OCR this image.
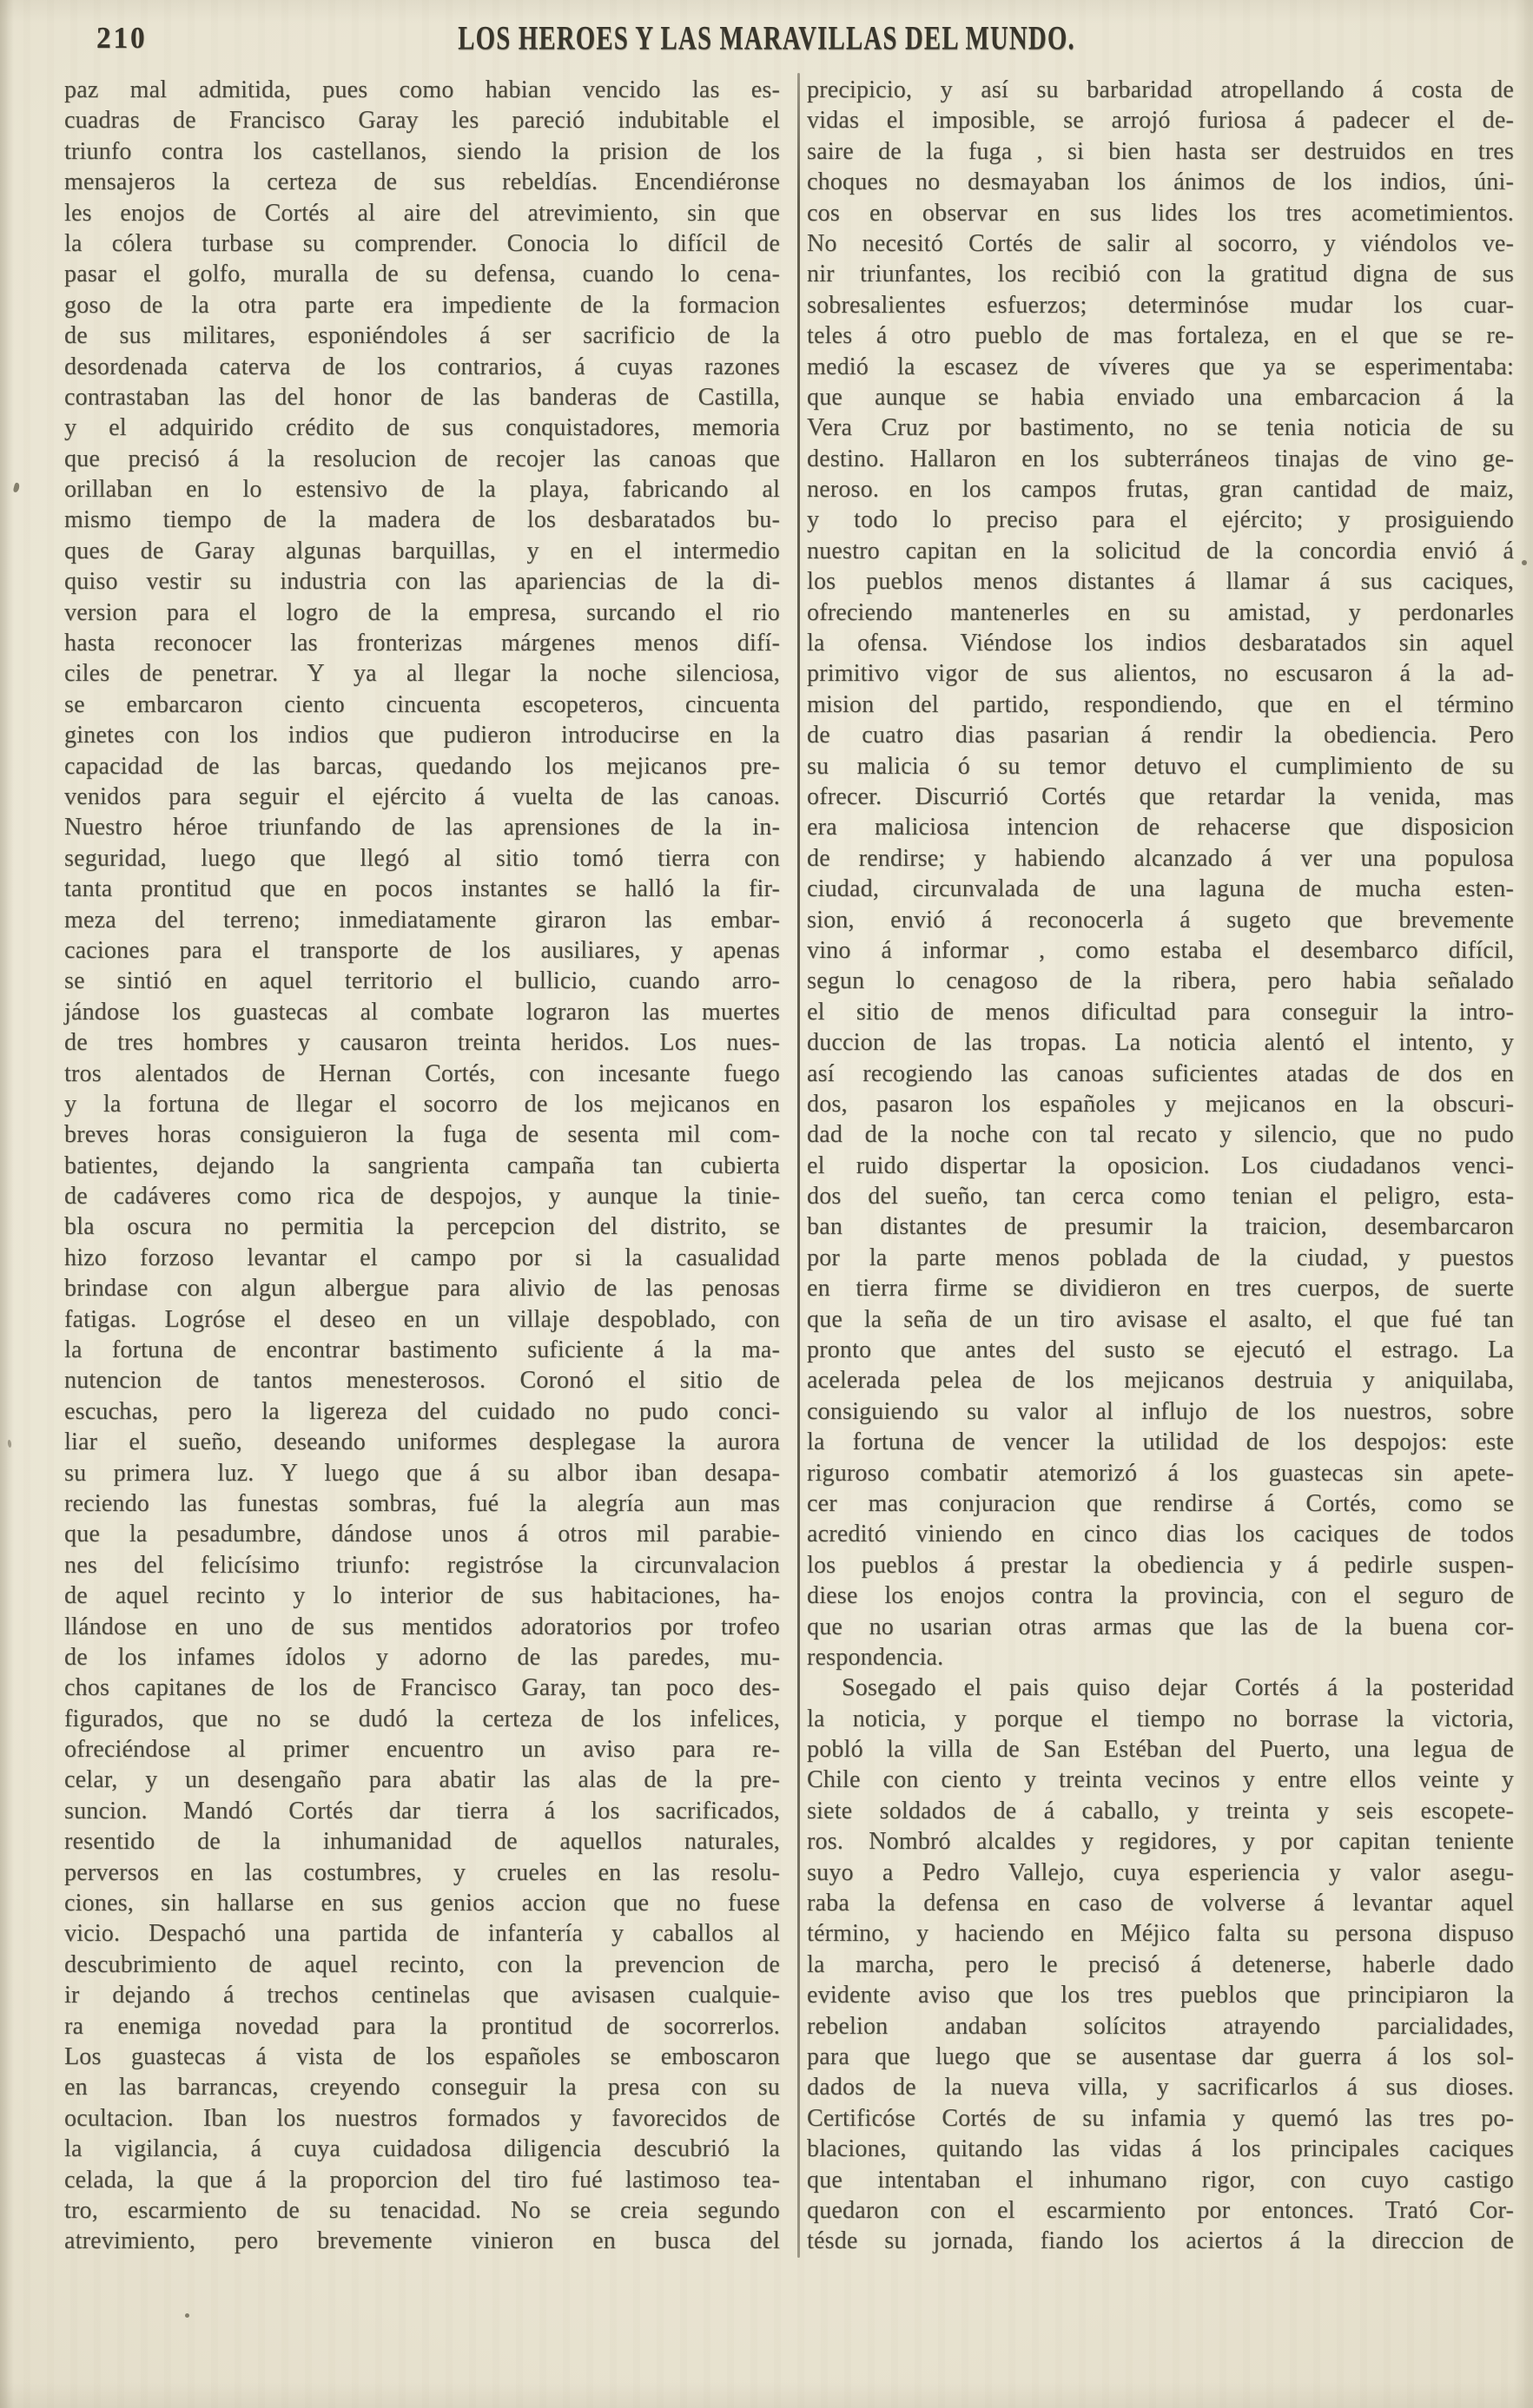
210	LOS HEROES Y LAS MARAVILLAS DEL MUNDO.
paz mal admitida, pues como habian vencido las es-
cuadras de Francisco Garay les pareció indubitable el
triunfo contra los castellanos, siendo la prision de los
mensajeros la certeza de sus rebeldías. Encendiéronse
les enojos de Cortés al aire del atrevimiento, sin que
la cólera turbase su comprender. Conocia lo difícil de
pasar el golfo, muralla de su defensa, cuando lo cena-
goso de la otra parte era impediente de la formacion
de sus militares, esponiéndoles á ser sacrificio de la
desordenada caterva de los contrarios, á cuyas razones
contrastaban las del honor de las banderas de Castilla,
y el adquirido crédito de sus conquistadores, memoria
que precisó á la resolucion de recojer las canoas que
orillaban en lo estensivo de la playa, fabricando al
mismo tiempo de la madera de los desbaratados bu-
ques de Garay algunas barquillas, y en el intermedio
quiso vestir su industria con las apariencias de la di-
version para el logro de la empresa, surcando el rio
hasta reconocer las fronterizas márgenes menos difí-
ciles de penetrar. Y ya al llegar la noche silenciosa,
se embarcaron ciento cincuenta escopeteros, cincuenta
ginetes con los indios que pudieron introducirse en la
capacidad de las barcas, quedando los mejicanos pre-
venidos para seguir el ejército á vuelta de las canoas.
Nuestro héroe triunfando de las aprensiones de la in-
seguridad, luego que llegó al sitio tomó tierra con
tanta prontitud que en pocos instantes se halló la fir-
meza del terreno; inmediatamente giraron las embar-
caciones para el transporte de los ausiliares, y apenas
se sintió en aquel territorio el bullicio, cuando arro-
jándose los guastecas al combate lograron las muertes
de tres hombres y causaron treinta heridos. Los nues-
tros alentados de Hernan Cortés, con incesante fuego
y la fortuna de llegar el socorro de los mejicanos en
breves horas consiguieron la fuga de sesenta mil com-
batientes, dejando la sangrienta campaña tan cubierta
de cadáveres como rica de despojos, y aunque la tinie-
bla oscura no permitia la percepcion del distrito, se
hizo forzoso levantar el campo por si la casualidad
brindase con algun albergue para alivio de las penosas
fatigas. Logróse el deseo en un villaje despoblado, con
la fortuna de encontrar bastimento suficiente á la ma-
nutencion de tantos menesterosos. Coronó el sitio de
escuchas, pero la ligereza del cuidado no pudo conci-
liar el sueño, deseando uniformes desplegase la aurora
su primera luz. Y luego que á su albor iban desapa-
reciendo las funestas sombras, fué la alegría aun mas
que la pesadumbre, dándose unos á otros mil parabie-
nes del felicísimo triunfo: registróse la circunvalacion
de aquel recinto y lo interior de sus habitaciones, ha-
llándose en uno de sus mentidos adoratorios por trofeo
de los infames ídolos y adorno de las paredes, mu-
chos capitanes de los de Francisco Garay, tan poco des-
figurados, que no se dudó la certeza de los infelices,
ofreciéndose al primer encuentro un aviso para re-
celar, y un desengaño para abatir las alas de la pre-
suncion. Mandó Cortés dar tierra á los sacrificados,
resentido de la inhumanidad de aquellos naturales,
perversos en las costumbres, y crueles en las resolu-
ciones, sin hallarse en sus genios accion que no fuese
vicio. Despachó una partida de infantería y caballos al
descubrimiento de aquel recinto, con la prevencion de
ir dejando á trechos centinelas que avisasen cualquie-
ra enemiga novedad para la prontitud de socorrerlos.
Los guastecas á vista de los españoles se emboscaron
en las barrancas, creyendo conseguir la presa con su
ocultacion. Iban los nuestros formados y favorecidos de
la vigilancia, á cuya cuidadosa diligencia descubrió la
celada, la que á la proporcion del tiro fué lastimoso tea-
tro, escarmiento de su tenacidad. No se creia segundo
atrevimiento, pero brevemente vinieron en busca del
precipicio, y así su barbaridad atropellando á costa de
vidas el imposible, se arrojó furiosa á padecer el de-
saire de la fuga , si bien hasta ser destruidos en tres
choques no desmayaban los ánimos de los indios, úni-
cos en observar en sus lides los tres acometimientos.
No necesitó Cortés de salir al socorro, y viéndolos ve-
nir triunfantes, los recibió con la gratitud digna de sus
sobresalientes esfuerzos; determinóse mudar los cuar-
teles á otro pueblo de mas fortaleza, en el que se re-
medió la escasez de víveres que ya se esperimentaba:
que aunque se habia enviado una embarcacion á la
Vera Cruz por bastimento, no se tenia noticia de su
destino. Hallaron en los subterráneos tinajas de vino ge-
neroso. en los campos frutas, gran cantidad de maiz,
y todo lo preciso para el ejército; y prosiguiendo
nuestro capitan en la solicitud de la concordia envió á
los pueblos menos distantes á llamar á sus caciques,
ofreciendo mantenerles en su amistad, y perdonarles
la ofensa. Viéndose los indios desbaratados sin aquel
primitivo vigor de sus alientos, no escusaron á la ad-
mision del partido, respondiendo, que en el término
de cuatro dias pasarian á rendir la obediencia. Pero
su malicia ó su temor detuvo el cumplimiento de su
ofrecer. Discurrió Cortés que retardar la venida, mas
era maliciosa intencion de rehacerse que disposicion
de rendirse; y habiendo alcanzado á ver una populosa
ciudad, circunvalada de una laguna de mucha esten-
sion, envió á reconocerla á sugeto que brevemente
vino á informar , como estaba el desembarco difícil,
segun lo cenagoso de la ribera, pero habia señalado
el sitio de menos dificultad para conseguir la intro-
duccion de las tropas. La noticia alentó el intento, y
así recogiendo las canoas suficientes atadas de dos en
dos, pasaron los españoles y mejicanos en la obscuri-
dad de la noche con tal recato y silencio, que no pudo
el ruido dispertar la oposicion. Los ciudadanos venci-
dos del sueño, tan cerca como tenian el peligro, esta-
ban distantes de presumir la traicion, desembarcaron
por la parte menos poblada de la ciudad, y puestos
en tierra firme se dividieron en tres cuerpos, de suerte
que la seña de un tiro avisase el asalto, el que fué tan
pronto que antes del susto se ejecutó el estrago. La
acelerada pelea de los mejicanos destruia y aniquilaba,
consiguiendo su valor al influjo de los nuestros, sobre
la fortuna de vencer la utilidad de los despojos: este
riguroso combatir atemorizó á los guastecas sin apete-
cer mas conjuracion que rendirse á Cortés, como se
acreditó viniendo en cinco dias los caciques de todos
los pueblos á prestar la obediencia y á pedirle suspen-
diese los enojos contra la provincia, con el seguro de
que no usarian otras armas que las de la buena cor-
respondencia.
Sosegado el pais quiso dejar Cortés á la posteridad
la noticia, y porque el tiempo no borrase la victoria,
pobló la villa de San Estéban del Puerto, una legua de
Chile con ciento y treinta vecinos y entre ellos veinte y
siete soldados de á caballo, y treinta y seis escopete-
ros. Nombró alcaldes y regidores, y por capitan teniente
suyo a Pedro Vallejo, cuya esperiencia y valor asegu-
raba la defensa en caso de volverse á levantar aquel
término, y haciendo en Méjico falta su persona dispuso
la marcha, pero le precisó á detenerse, haberle dado
evidente aviso que los tres pueblos que principiaron la
rebelion andaban solícitos atrayendo parcialidades,
para que luego que se ausentase dar guerra á los sol-
dados de la nueva villa, y sacrificarlos á sus dioses.
Certificóse Cortés de su infamia y quemó las tres po-
blaciones, quitando las vidas á los principales caciques
que intentaban el inhumano rigor, con cuyo castigo
quedaron con el escarmiento por entonces. Trató Cor-
tésde su jornada, fiando los aciertos á la direccion de
